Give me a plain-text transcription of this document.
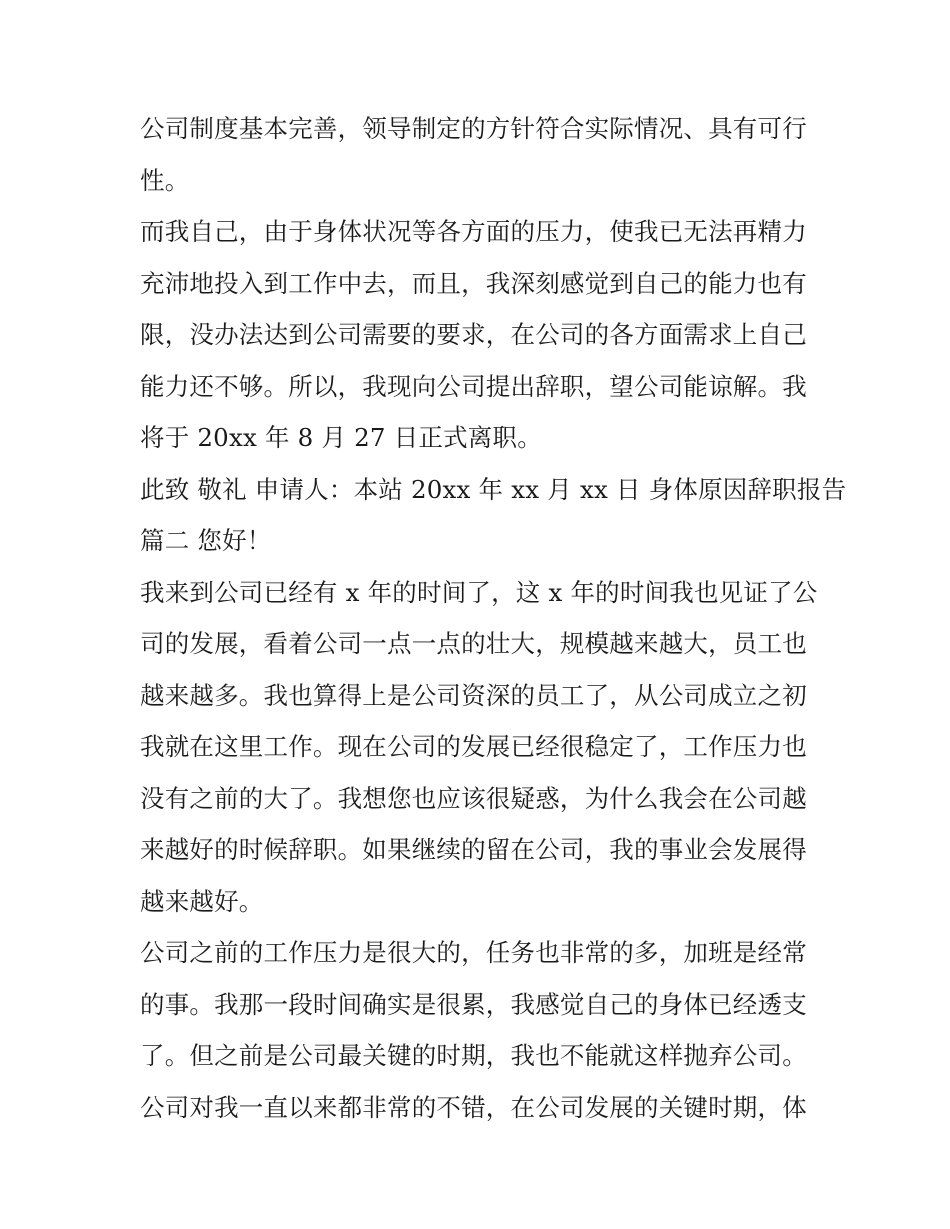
公司制度基本完善，领导制定的方针符合实际情况、具有可行
性。
而我自己，由于身体状况等各方面的压力，使我已无法再精力
充沛地投入到工作中去，而且，我深刻感觉到自己的能力也有
限，没办法达到公司需要的要求，在公司的各方面需求上自己
能力还不够。所以，我现向公司提出辞职，望公司能谅解。我
将于 20xx 年 8 月 27 日正式离职。
此致 敬礼 申请人：本站 20xx 年 xx 月 xx 日 身体原因辞职报告
篇二 您好！
我来到公司已经有 x 年的时间了，这 x 年的时间我也见证了公
司的发展，看着公司一点一点的壮大，规模越来越大，员工也
越来越多。我也算得上是公司资深的员工了，从公司成立之初
我就在这里工作。现在公司的发展已经很稳定了，工作压力也
没有之前的大了。我想您也应该很疑惑，为什么我会在公司越
来越好的时候辞职。如果继续的留在公司，我的事业会发展得
越来越好。
公司之前的工作压力是很大的，任务也非常的多，加班是经常
的事。我那一段时间确实是很累，我感觉自己的身体已经透支
了。但之前是公司最关键的时期，我也不能就这样抛弃公司。
公司对我一直以来都非常的不错，在公司发展的关键时期，体
